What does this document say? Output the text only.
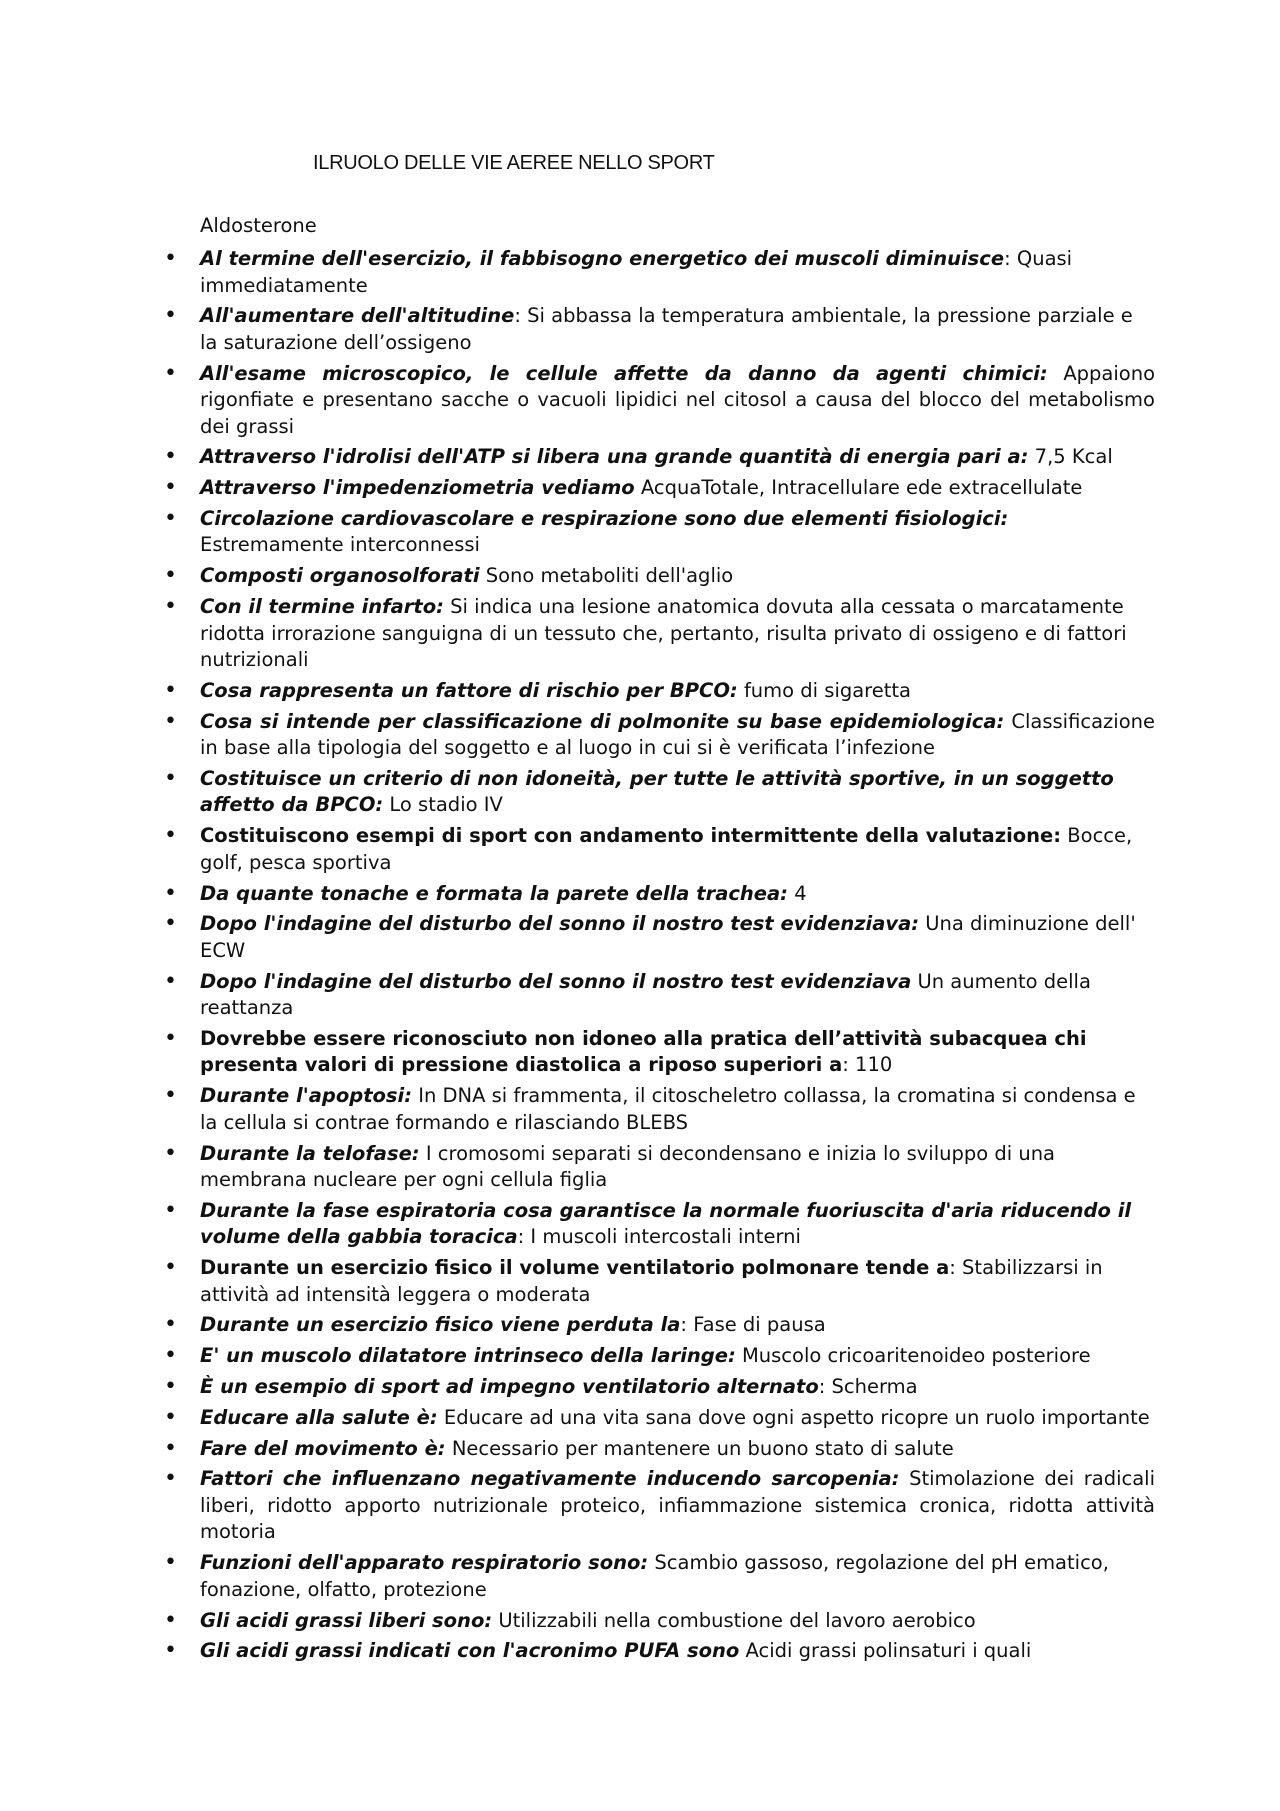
ILRUOLO DELLE VIE AEREE NELLO SPORT
Aldosterone
• Al termine dell'esercizio, il fabbisogno energetico dei muscoli diminuisce: Quasi immediatamente
• All'aumentare dell'altitudine: Si abbassa la temperatura ambientale, la pressione parziale e la saturazione dell’ossigeno
• All'esame microscopico, le cellule affette da danno da agenti chimici: Appaiono rigonfiate e presentano sacche o vacuoli lipidici nel citosol a causa del blocco del metabolismo dei grassi
• Attraverso l'idrolisi dell'ATP si libera una grande quantità di energia pari a: 7,5 Kcal
• Attraverso l'impedenziometria vediamo AcquaTotale, Intracellulare ede extracellulate
• Circolazione cardiovascolare e respirazione sono due elementi fisiologici: Estremamente interconnessi
• Composti organosolforati Sono metaboliti dell'aglio
• Con il termine infarto: Si indica una lesione anatomica dovuta alla cessata o marcatamente ridotta irrorazione sanguigna di un tessuto che, pertanto, risulta privato di ossigeno e di fattori nutrizionali
• Cosa rappresenta un fattore di rischio per BPCO: fumo di sigaretta
• Cosa si intende per classificazione di polmonite su base epidemiologica: Classificazione in base alla tipologia del soggetto e al luogo in cui si è verificata l’infezione
• Costituisce un criterio di non idoneità, per tutte le attività sportive, in un soggetto affetto da BPCO: Lo stadio IV
• Costituiscono esempi di sport con andamento intermittente della valutazione: Bocce, golf, pesca sportiva
• Da quante tonache e formata la parete della trachea: 4
• Dopo l'indagine del disturbo del sonno il nostro test evidenziava: Una diminuzione dell' ECW
• Dopo l'indagine del disturbo del sonno il nostro test evidenziava Un aumento della reattanza
• Dovrebbe essere riconosciuto non idoneo alla pratica dell’attività subacquea chi presenta valori di pressione diastolica a riposo superiori a: 110
• Durante l'apoptosi: In DNA si frammenta, il citoscheletro collassa, la cromatina si condensa e la cellula si contrae formando e rilasciando BLEBS
• Durante la telofase: I cromosomi separati si decondensano e inizia lo sviluppo di una membrana nucleare per ogni cellula figlia
• Durante la fase espiratoria cosa garantisce la normale fuoriuscita d'aria riducendo il volume della gabbia toracica: I muscoli intercostali interni
• Durante un esercizio fisico il volume ventilatorio polmonare tende a: Stabilizzarsi in attività ad intensità leggera o moderata
• Durante un esercizio fisico viene perduta la: Fase di pausa
• E' un muscolo dilatatore intrinseco della laringe: Muscolo cricoaritenoideo posteriore
• È un esempio di sport ad impegno ventilatorio alternato: Scherma
• Educare alla salute è: Educare ad una vita sana dove ogni aspetto ricopre un ruolo importante
• Fare del movimento è: Necessario per mantenere un buono stato di salute
• Fattori che influenzano negativamente inducendo sarcopenia: Stimolazione dei radicali liberi, ridotto apporto nutrizionale proteico, infiammazione sistemica cronica, ridotta attività motoria
• Funzioni dell'apparato respiratorio sono: Scambio gassoso, regolazione del pH ematico, fonazione, olfatto, protezione
• Gli acidi grassi liberi sono: Utilizzabili nella combustione del lavoro aerobico
• Gli acidi grassi indicati con l'acronimo PUFA sono Acidi grassi polinsaturi i quali
